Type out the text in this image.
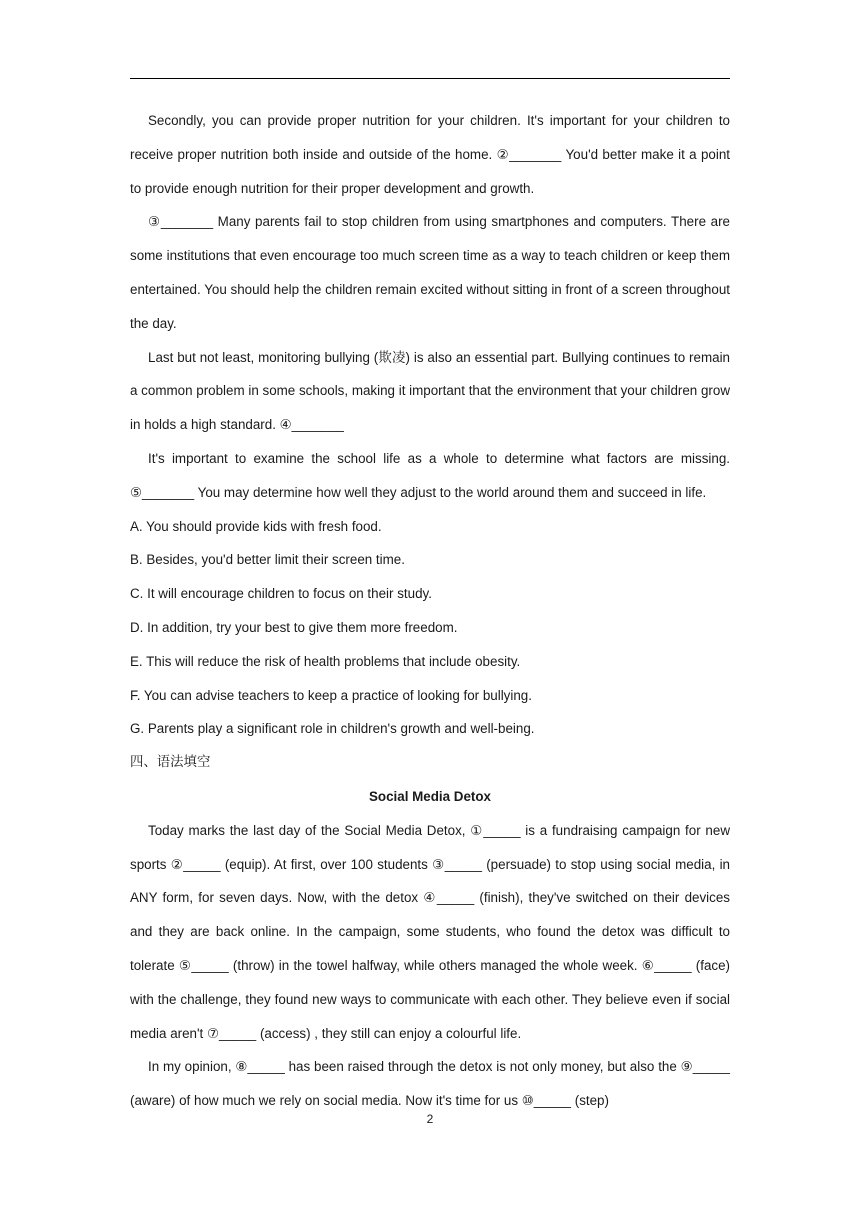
Secondly, you can provide proper nutrition for your children. It's important for your children to receive proper nutrition both inside and outside of the home. ②_______ You'd better make it a point to provide enough nutrition for their proper development and growth.

③_______ Many parents fail to stop children from using smartphones and computers. There are some institutions that even encourage too much screen time as a way to teach children or keep them entertained. You should help the children remain excited without sitting in front of a screen throughout the day.

Last but not least, monitoring bullying (欺凌) is also an essential part. Bullying continues to remain a common problem in some schools, making it important that the environment that your children grow in holds a high standard. ④_______

It's important to examine the school life as a whole to determine what factors are missing. ⑤_______ You may determine how well they adjust to the world around them and succeed in life.

A. You should provide kids with fresh food.

B. Besides, you'd better limit their screen time.

C. It will encourage children to focus on their study.

D. In addition, try your best to give them more freedom.

E. This will reduce the risk of health problems that include obesity.

F. You can advise teachers to keep a practice of looking for bullying.

G. Parents play a significant role in children's growth and well-being.

四、语法填空

Social Media Detox

Today marks the last day of the Social Media Detox, ①_____ is a fundraising campaign for new sports ②_____ (equip). At first, over 100 students ③_____ (persuade) to stop using social media, in ANY form, for seven days. Now, with the detox ④_____ (finish), they've switched on their devices and they are back online. In the campaign, some students, who found the detox was difficult to tolerate ⑤_____ (throw) in the towel halfway, while others managed the whole week. ⑥_____ (face) with the challenge, they found new ways to communicate with each other. They believe even if social media aren't ⑦_____ (access) , they still can enjoy a colourful life.

In my opinion, ⑧_____ has been raised through the detox is not only money, but also the ⑨_____ (aware) of how much we rely on social media. Now it's time for us ⑩_____ (step)

2
